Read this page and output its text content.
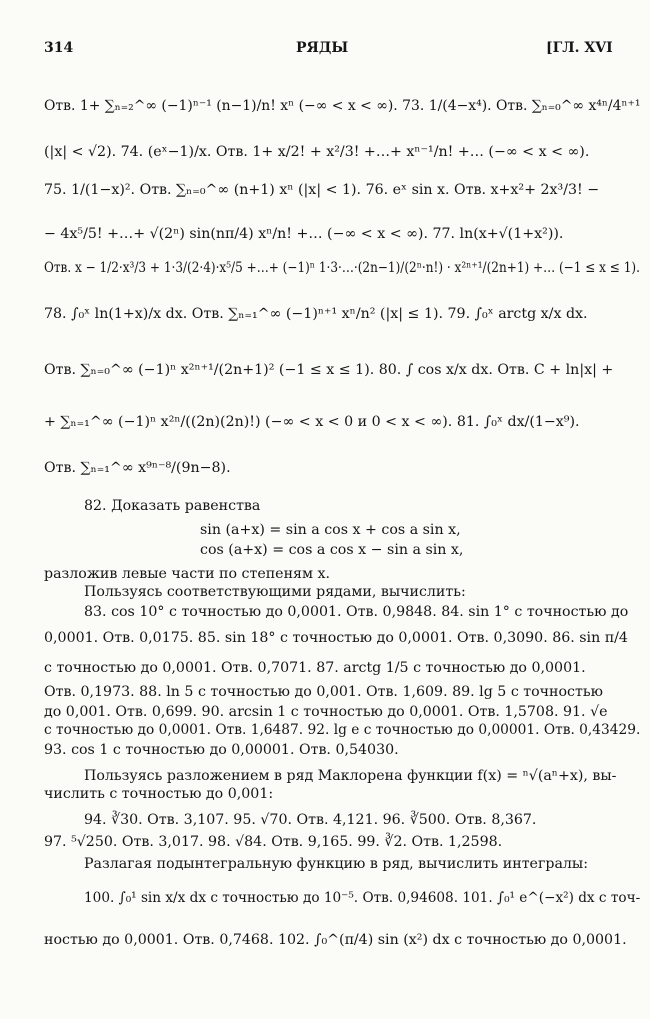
314	РЯДЫ	[ГЛ. XVI
Отв. 1+ ∑ₙ₌₂^∞ (−1)ⁿ⁻¹ (n−1)/n! xⁿ (−∞ < x < ∞). 73. 1/(4−x⁴). Отв. ∑ₙ₌₀^∞ x⁴ⁿ/4ⁿ⁺¹
(|x| < √2). 74. (eˣ−1)/x. Отв. 1+ x/2! + x²/3! +…+ xⁿ⁻¹/n! +… (−∞ < x < ∞).
75. 1/(1−x)². Отв. ∑ₙ₌₀^∞ (n+1) xⁿ (|x| < 1). 76. eˣ sin x. Отв. x+x²+ 2x³/3! −
− 4x⁵/5! +…+ √(2ⁿ) sin(nπ/4) xⁿ/n! +… (−∞ < x < ∞). 77. ln(x+√(1+x²)).
Отв. x − 1/2·x³/3 + 1·3/(2·4)·x⁵/5 +…+ (−1)ⁿ 1·3·…·(2n−1)/(2ⁿ·n!) · x²ⁿ⁺¹/(2n+1) +… (−1 ≤ x ≤ 1).
78. ∫₀ˣ ln(1+x)/x dx. Отв. ∑ₙ₌₁^∞ (−1)ⁿ⁺¹ xⁿ/n² (|x| ≤ 1). 79. ∫₀ˣ arctg x/x dx.
Отв. ∑ₙ₌₀^∞ (−1)ⁿ x²ⁿ⁺¹/(2n+1)² (−1 ≤ x ≤ 1). 80. ∫ cos x/x dx. Отв. C + ln|x| +
+ ∑ₙ₌₁^∞ (−1)ⁿ x²ⁿ/((2n)(2n)!) (−∞ < x < 0 и 0 < x < ∞). 81. ∫₀ˣ dx/(1−x⁹).
Отв. ∑ₙ₌₁^∞ x⁹ⁿ⁻⁸/(9n−8).
82. Доказать равенства
sin (a+x) = sin a cos x + cos a sin x,
cos (a+x) = cos a cos x − sin a sin x,
разложив левые части по степеням x.
Пользуясь соответствующими рядами, вычислить:
83. cos 10° с точностью до 0,0001. Отв. 0,9848. 84. sin 1° с точностью до
0,0001. Отв. 0,0175. 85. sin 18° с точностью до 0,0001. Отв. 0,3090. 86. sin π/4
с точностью до 0,0001. Отв. 0,7071. 87. arctg 1/5 с точностью до 0,0001.
Отв. 0,1973. 88. ln 5 с точностью до 0,001. Отв. 1,609. 89. lg 5 с точностью
до 0,001. Отв. 0,699. 90. arcsin 1 с точностью до 0,0001. Отв. 1,5708. 91. √e
с точностью до 0,0001. Отв. 1,6487. 92. lg e с точностью до 0,00001. Отв. 0,43429.
93. cos 1 с точностью до 0,00001. Отв. 0,54030.
Пользуясь разложением в ряд Маклорена функции f(x) = ⁿ√(aⁿ+x), вы-
числить с точностью до 0,001:
94. ∛30. Отв. 3,107. 95. √70. Отв. 4,121. 96. ∛500. Отв. 8,367.
97. ⁵√250. Отв. 3,017. 98. √84. Отв. 9,165. 99. ∛2. Отв. 1,2598.
Разлагая подынтегральную функцию в ряд, вычислить интегралы:
100. ∫₀¹ sin x/x dx с точностью до 10⁻⁵. Отв. 0,94608. 101. ∫₀¹ e^(−x²) dx с точ-
ностью до 0,0001. Отв. 0,7468. 102. ∫₀^(π/4) sin (x²) dx с точностью до 0,0001.
